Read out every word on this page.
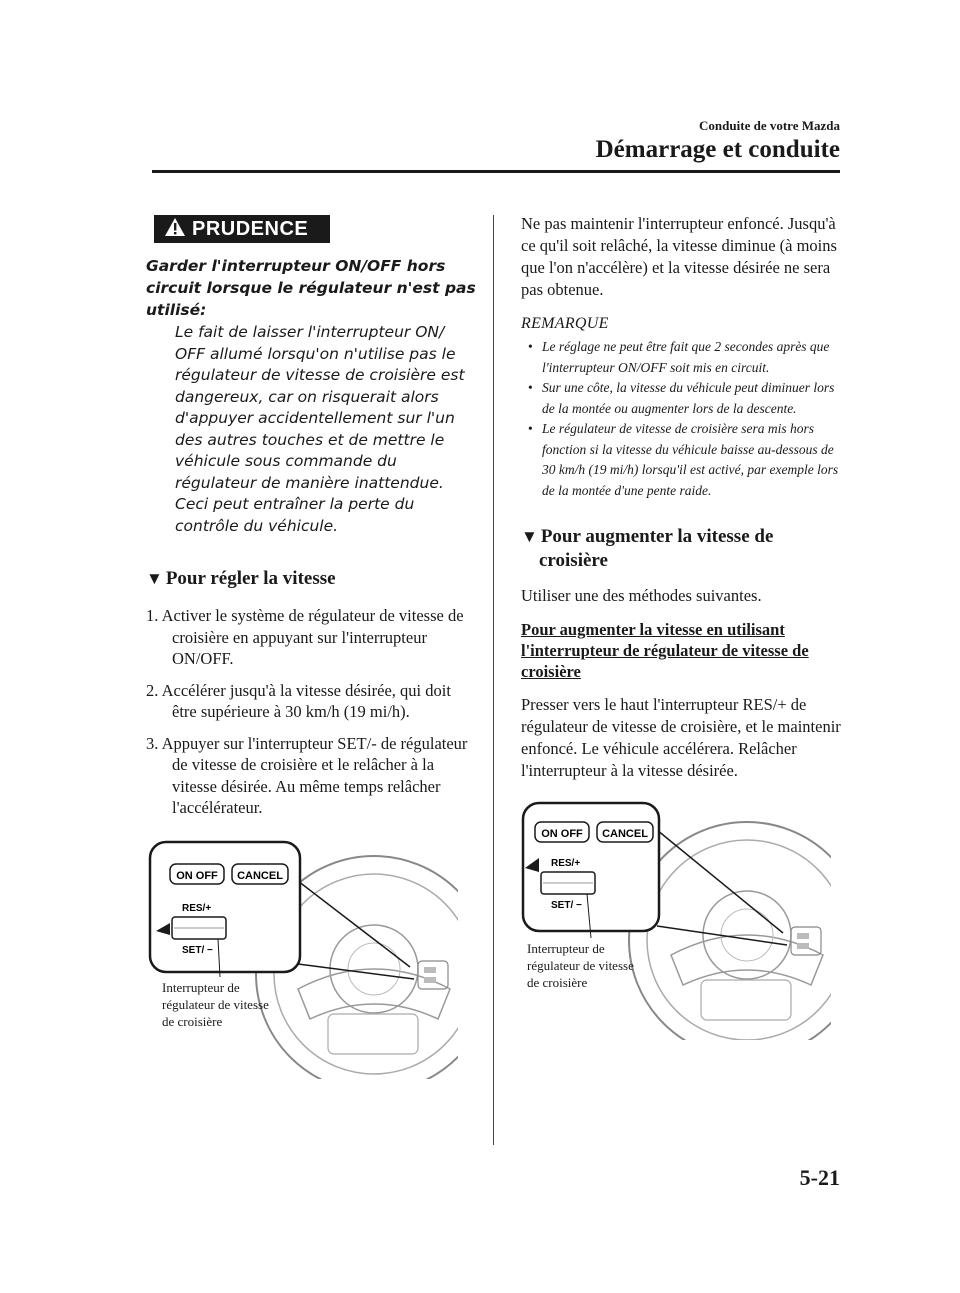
Conduite de votre Mazda
Démarrage et conduite
PRUDENCE
Garder l'interrupteur ON/OFF hors circuit lorsque le régulateur n'est pas utilisé:
Le fait de laisser l'interrupteur ON/ OFF allumé lorsqu'on n'utilise pas le régulateur de vitesse de croisière est dangereux, car on risquerait alors d'appuyer accidentellement sur l'un des autres touches et de mettre le véhicule sous commande du régulateur de manière inattendue. Ceci peut entraîner la perte du contrôle du véhicule.
▼ Pour régler la vitesse
1. Activer le système de régulateur de vitesse de croisière en appuyant sur l'interrupteur ON/OFF.
2. Accélérer jusqu'à la vitesse désirée, qui doit être supérieure à 30 km/h (19 mi/h).
3. Appuyer sur l'interrupteur SET/- de régulateur de vitesse de croisière et le relâcher à la vitesse désirée. Au même temps relâcher l'accélérateur.
ON OFF CANCEL
RES/+
SET/ −
Interrupteur de régulateur de vitesse de croisière
Ne pas maintenir l'interrupteur enfoncé. Jusqu'à ce qu'il soit relâché, la vitesse diminue (à moins que l'on n'accélère) et la vitesse désirée ne sera pas obtenue.
REMARQUE
• Le réglage ne peut être fait que 2 secondes après que l'interrupteur ON/OFF soit mis en circuit.
• Sur une côte, la vitesse du véhicule peut diminuer lors de la montée ou augmenter lors de la descente.
• Le régulateur de vitesse de croisière sera mis hors fonction si la vitesse du véhicule baisse au-dessous de 30 km/h (19 mi/h) lorsqu'il est activé, par exemple lors de la montée d'une pente raide.
▼ Pour augmenter la vitesse de croisière
Utiliser une des méthodes suivantes.
Pour augmenter la vitesse en utilisant l'interrupteur de régulateur de vitesse de croisière
Presser vers le haut l'interrupteur RES/+ de régulateur de vitesse de croisière, et le maintenir enfoncé. Le véhicule accélérera. Relâcher l'interrupteur à la vitesse désirée.
ON OFF CANCEL
RES/+
SET/ −
Interrupteur de régulateur de vitesse de croisière
5-21
